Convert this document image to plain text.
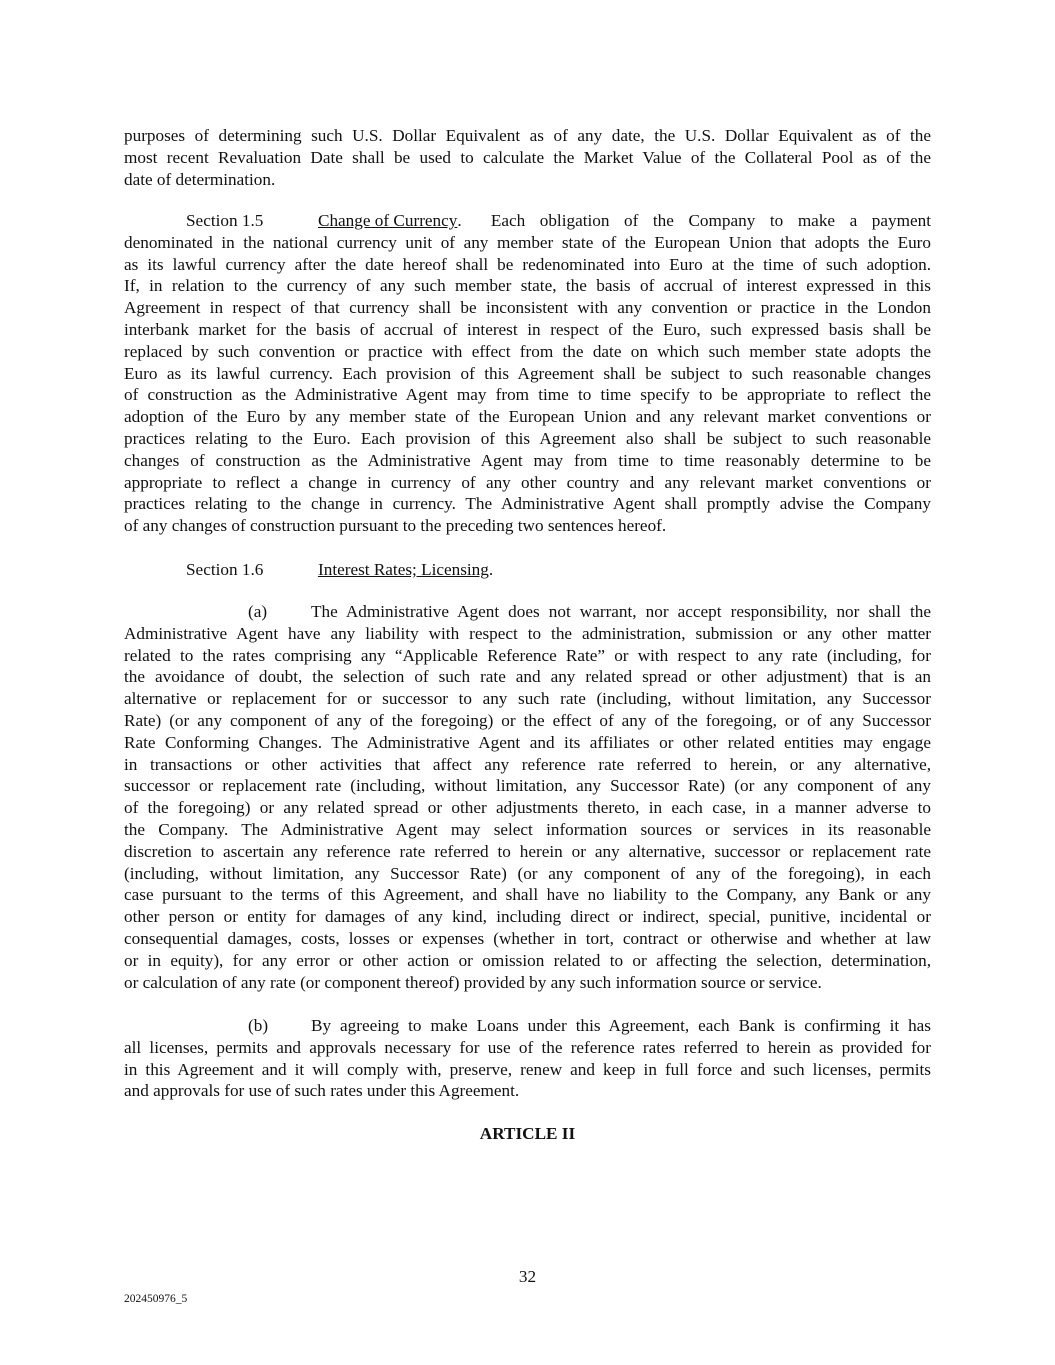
purposes of determining such U.S. Dollar Equivalent as of any date, the U.S. Dollar Equivalent as of the
most recent Revaluation Date shall be used to calculate the Market Value of the Collateral Pool as of the
date of determination.
Section 1.5	Change of Currency .  Each obligation of the Company to make a payment
denominated in the national currency unit of any member state of the European Union that adopts the Euro
as its lawful currency after the date hereof shall be redenominated into Euro at the time of such adoption.
If, in relation to the currency of any such member state, the basis of accrual of interest expressed in this
Agreement in respect of that currency shall be inconsistent with any convention or practice in the London
interbank market for the basis of accrual of interest in respect of the Euro, such expressed basis shall be
replaced by such convention or practice with effect from the date on which such member state adopts the
Euro as its lawful currency. Each provision of this Agreement shall be subject to such reasonable changes
of construction as the Administrative Agent may from time to time specify to be appropriate to reflect the
adoption of the Euro by any member state of the European Union and any relevant market conventions or
practices relating to the Euro. Each provision of this Agreement also shall be subject to such reasonable
changes of construction as the Administrative Agent may from time to time reasonably determine to be
appropriate to reflect a change in currency of any other country and any relevant market conventions or
practices relating to the change in currency. The Administrative Agent shall promptly advise the Company
of any changes of construction pursuant to the preceding two sentences hereof.
Section 1.6	Interest Rates; Licensing .
(a)	The Administrative Agent does not warrant, nor accept responsibility, nor shall the
Administrative Agent have any liability with respect to the administration, submission or any other matter
related to the rates comprising any “Applicable Reference Rate” or with respect to any rate (including, for
the avoidance of doubt, the selection of such rate and any related spread or other adjustment) that is an
alternative or replacement for or successor to any such rate (including, without limitation, any Successor
Rate) (or any component of any of the foregoing) or the effect of any of the foregoing, or of any Successor
Rate Conforming Changes. The Administrative Agent and its affiliates or other related entities may engage
in transactions or other activities that affect any reference rate referred to herein, or any alternative,
successor or replacement rate (including, without limitation, any Successor Rate) (or any component of any
of the foregoing) or any related spread or other adjustments thereto, in each case, in a manner adverse to
the Company. The Administrative Agent may select information sources or services in its reasonable
discretion to ascertain any reference rate referred to herein or any alternative, successor or replacement rate
(including, without limitation, any Successor Rate) (or any component of any of the foregoing), in each
case pursuant to the terms of this Agreement, and shall have no liability to the Company, any Bank or any
other person or entity for damages of any kind, including direct or indirect, special, punitive, incidental or
consequential damages, costs, losses or expenses (whether in tort, contract or otherwise and whether at law
or in equity), for any error or other action or omission related to or affecting the selection, determination,
or calculation of any rate (or component thereof) provided by any such information source or service.
(b)	By agreeing to make Loans under this Agreement, each Bank is confirming it has
all licenses, permits and approvals necessary for use of the reference rates referred to herein as provided for
in this Agreement and it will comply with, preserve, renew and keep in full force and such licenses, permits
and approvals for use of such rates under this Agreement.
ARTICLE II
32
202450976_5
